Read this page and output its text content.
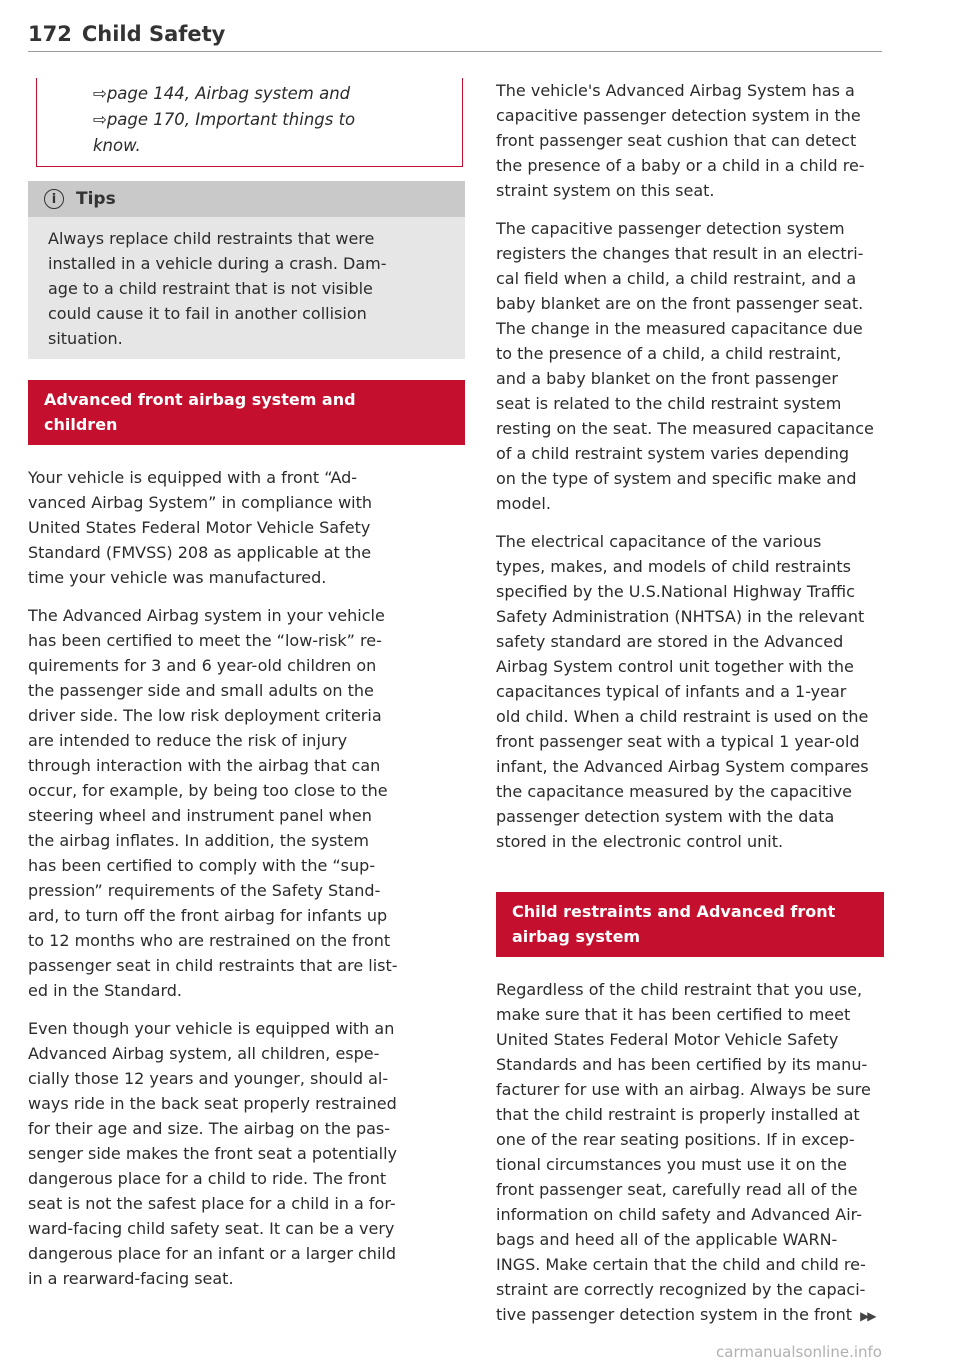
172 Child Safety

⇨page 144, Airbag system and

⇨page 170, Important things to

know.

i	Tips

Always replace child restraints that were

installed in a vehicle during a crash. Dam-

age to a child restraint that is not visible

could cause it to fail in another collision

situation.

Advanced front airbag system and

children

Your vehicle is equipped with a front “Ad-

vanced Airbag System” in compliance with

United States Federal Motor Vehicle Safety

Standard (FMVSS) 208 as applicable at the

time your vehicle was manufactured.

The Advanced Airbag system in your vehicle

has been certified to meet the “low-risk” re-

quirements for 3 and 6 year-old children on

the passenger side and small adults on the

driver side. The low risk deployment criteria

are intended to reduce the risk of injury

through interaction with the airbag that can

occur, for example, by being too close to the

steering wheel and instrument panel when

the airbag inflates. In addition, the system

has been certified to comply with the “sup-

pression” requirements of the Safety Stand-

ard, to turn off the front airbag for infants up

to 12 months who are restrained on the front

passenger seat in child restraints that are list-

ed in the Standard.

Even though your vehicle is equipped with an

Advanced Airbag system, all children, espe-

cially those 12 years and younger, should al-

ways ride in the back seat properly restrained

for their age and size. The airbag on the pas-

senger side makes the front seat a potentially

dangerous place for a child to ride. The front

seat is not the safest place for a child in a for-

ward-facing child safety seat. It can be a very

dangerous place for an infant or a larger child

in a rearward-facing seat.

The vehicle's Advanced Airbag System has a

capacitive passenger detection system in the

front passenger seat cushion that can detect

the presence of a baby or a child in a child re-

straint system on this seat.

The capacitive passenger detection system

registers the changes that result in an electri-

cal field when a child, a child restraint, and a

baby blanket are on the front passenger seat.

The change in the measured capacitance due

to the presence of a child, a child restraint,

and a baby blanket on the front passenger

seat is related to the child restraint system

resting on the seat. The measured capacitance

of a child restraint system varies depending

on the type of system and specific make and

model.

The electrical capacitance of the various

types, makes, and models of child restraints

specified by the U.S.National Highway Traffic

Safety Administration (NHTSA) in the relevant

safety standard are stored in the Advanced

Airbag System control unit together with the

capacitances typical of infants and a 1-year

old child. When a child restraint is used on the

front passenger seat with a typical 1 year-old

infant, the Advanced Airbag System compares

the capacitance measured by the capacitive

passenger detection system with the data

stored in the electronic control unit.

Child restraints and Advanced front

airbag system

Regardless of the child restraint that you use,

make sure that it has been certified to meet

United States Federal Motor Vehicle Safety

Standards and has been certified by its manu-

facturer for use with an airbag. Always be sure

that the child restraint is properly installed at

one of the rear seating positions. If in excep-

tional circumstances you must use it on the

front passenger seat, carefully read all of the

information on child safety and Advanced Air-

bags and heed all of the applicable WARN-

INGS. Make certain that the child and child re-

straint are correctly recognized by the capaci-

tive passenger detection system in the front ▶▶

carmanualsonline.info
